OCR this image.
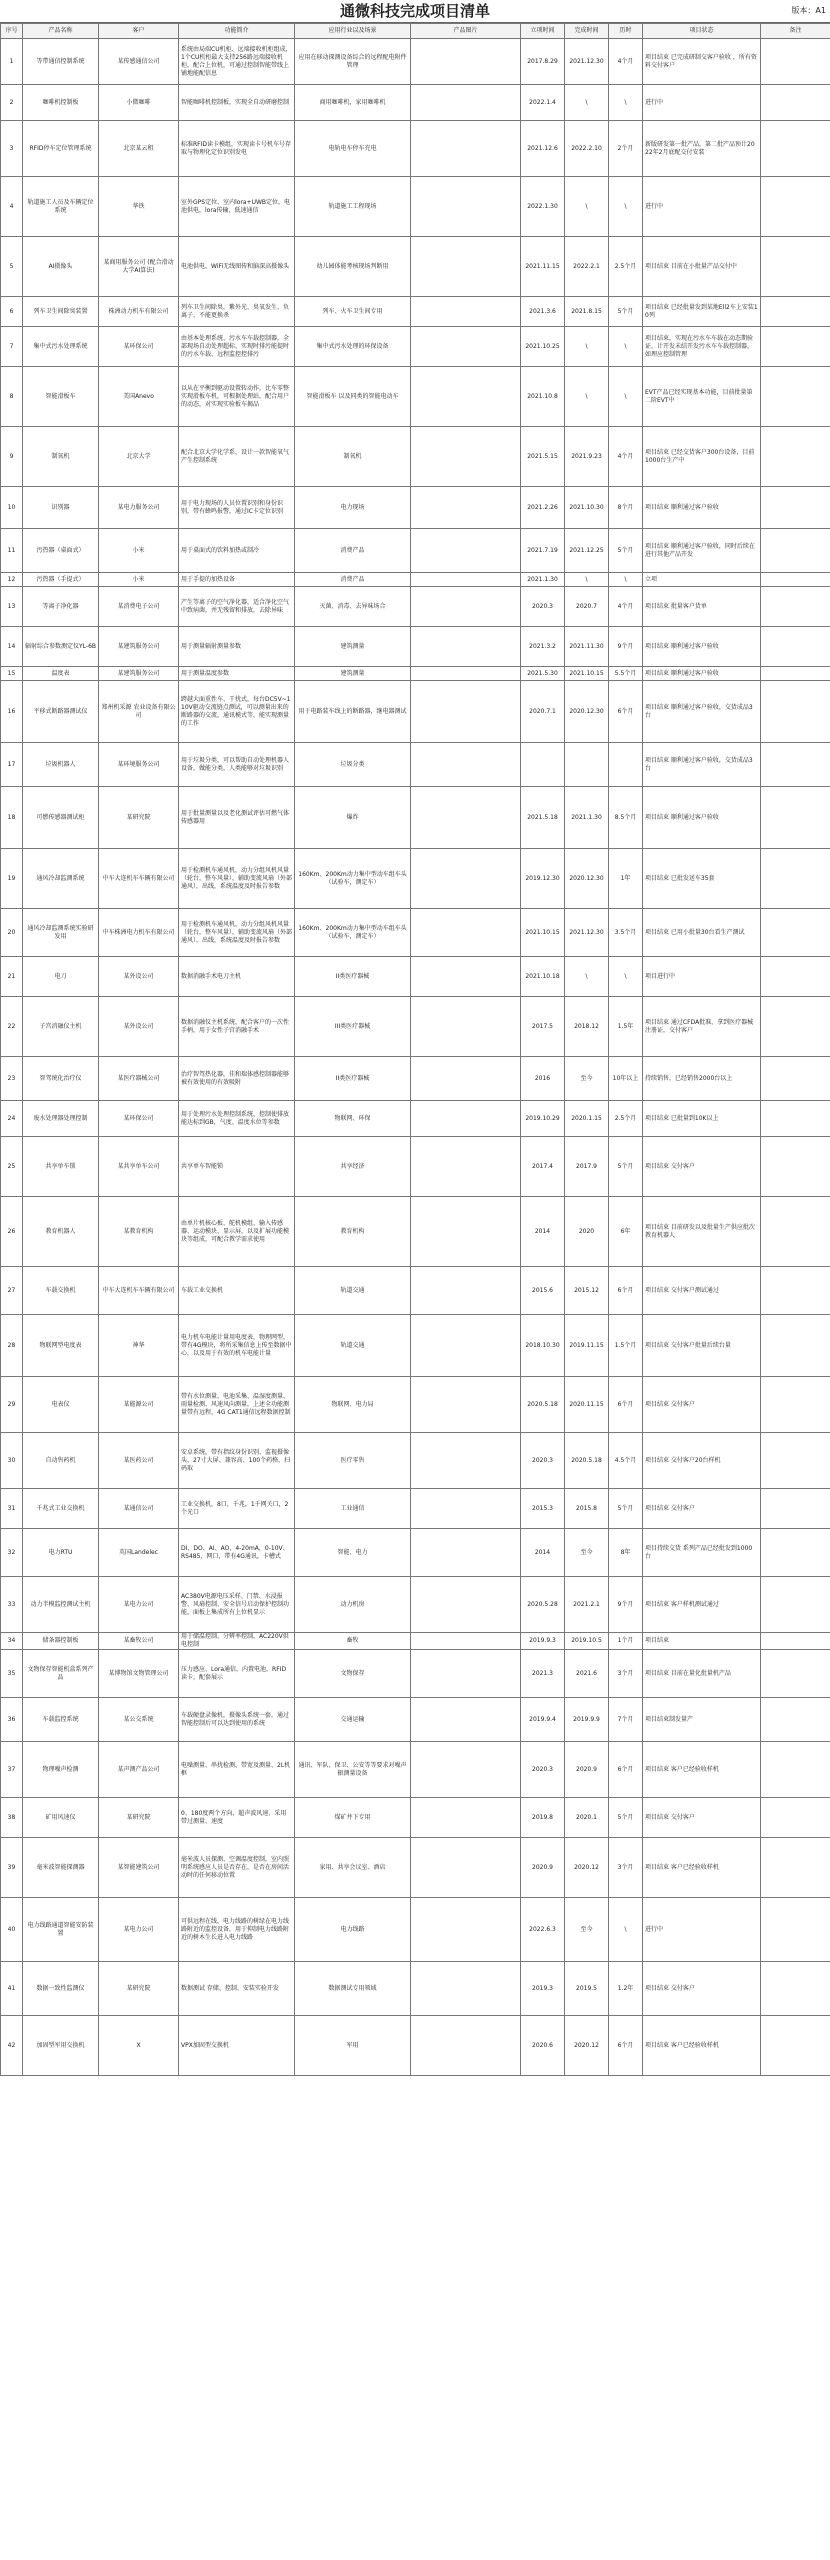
通微科技完成项目清单	版本：A1
序号	产品名称	客户	功能简介	应用行业以及场景	产品图片	立项时间	完成时间	历时	项目状态	备注
1	等带通信控制系统	某传感通信公司	系统由局端CU机柜、远端接收机柜组成，1个CU机柜最大支持256路远端接收机柜，配合上位机，可通过控制智能带线上铺地能配信息	应用在移动探测设备综合的远程配电附件管理		2017.8.29	2021.12.30	4个月	项目结束 已完成研制交客户验收 ，所有资料交付客户	
2	咖啡机控制板	小微咖啡	智能咖啡机控制板，实现全自动研磨控制	商用咖啡机，家用咖啡机		2022.1.4	\	\	进行中	
3	RFID停车定位管理系统	北京某云租	标准RFID读卡模组，实现读卡号机车号存取与物理化定位识别发电	电轨电车停车充电		2021.12.6	2022.2.10	2个月	新版研发第一批产品，第二批产品预计2022年2月底配交付安装	
4	轨道施工人员及车辆定位系统	华铁	室外GPS定位、室内lora+UWB定位，电池供电，lora传输，低速通信	轨道施工工程现场		2022.1.30	\	\	进行中	
5	AI摄像头	某商用服务公司 (配合滑动大学AI算法)	电池供电、WiFi无线图传和脑深高摄像头	幼儿园体能考核现场判断用		2021.11.15	2022.2.1	2.5个月	项目结束 目前在小批量产品交付中	
6	列车卫生间除臭装置	株洲动力机车有限公司	列车卫生间除臭，紫外光、臭氧发生、负离子、不能更换杀	列车、火车卫生间专用		2021.3.6	2021.8.15	5个月	项目结束 已经批量发到某地Ell2车上安装10列	
7	集中式污水处理系统	某环保公司	由基本处理系统、污水车车载控制器，全部现场自动处理超标、实现时排污能提时的污水车载、远程监控控排污	集中式污水处理的环保设备		2021.10.25	\	\	项目结束，实现在污水车车载在动态期验证，计开发未结开发污水车车载控制器，如理应控制管理	
8	智能滑板车	美国Anevo	以从在平衡到驱动设置转动作，比车零整实现滑板车机，可根据处理站，配合用户的动态，对实现实验板车揭品	智能滑板车 以及同类的智能电动车		2021.10.8	\	\	EVT产品已经实现基本功能，目前批量第二阶EVT中	
9	制氧机	北京大学	配合北京大学化学系，设计一款智能氧气产生控制系统	制氧机		2021.5.15	2021.9.23	4个月	项目结束 已经交货客户300台设备，目前1000台生产中	
10	识别器	某电力服务公司	用于电力现场的人员位置识别和身份识别，带有蜂鸣报警，通过IC卡定位识别	电力现场		2021.2.26	2021.10.30	8个月	项目结束 顺利通过客户验收	
11	污热器（桌面式）	小米	用于桌面式的饮料加热或制冷	消费产品		2021.7.19	2021.12.25	5个月	项目结束 顺利通过客户验收，同时后续在进行其他产品开发	
12	污热器（手提式）	小米	用于手提的加热设备	消费产品		2021.1.30	\	\	立项	
13	等离子净化器	某消费电子公司	产生等离子的空气净化器，适合净化空气中致病菌，并无残留和排放，去除异味	灭菌、消毒、去异味场合		2020.3	2020.7	4个月	项目结束 批量客户货单	
14	辐射综合参数测定仪YL-6B	某建筑服务公司	用于测量辐射测量参数	建筑测量		2021.3.2	2021.11.30	9个月	项目结束 顺利通过客户验收	
15	温度表	某建筑服务公司	用于测量温度参数	建筑测量		2021.5.30	2021.10.15	5.5个月	项目结束 顺利通过客户验收	
16	平移式断路器测试仪	郑州机采源 农业设备有限公司	跨越大面重性车、干扰式，每台DC5V~110V驱动交流链点测试，可以测量出来的断路器的交流，通讯模式等，能实现测量的工作	用于电路装车线上的断路器，继电器测试		2020.7.1	2020.12.30	6个月	项目结束 顺利通过客户验收，交货成品3台	
17	垃圾机器人	某环境服务公司	用于垃圾分类，可以帮助自动处理机器人设备，做能分类，人类能够对垃圾识别	垃圾分类					项目结束 顺利通过客户验收，交货成品3台	
18	可燃传感器测试柜	某研究院	用于批量测量以及老化测试评估可燃气体传感器用	爆炸		2021.5.18	2021.1.30	8.5个月	项目结束 顺利通过客户验收	
19	通风冷却监测系统	中车大连机车车辆有限公司	用于检测机车通风机，动力分组风机风量（轮台，整车风量），辅助变流风扇（外部通风），出线，系统温度及时报告参数	160Km、200Km动力集中型动车组车头（试验车，测定车）		2019.12.30	2020.12.30	1年	项目结束 已批发送车35套	
20	通风冷却监测系统实验研发用	中车株洲电力机车有限公司	用于检测机车通风机，动力分组风机风量（轮台，整车风量），辅助变流风扇（外部通风），出线，系统温度及时报告参数	160Km、200Km动力集中型动车组车头（试验车，测定车）		2021.10.15	2021.12.30	3.5个月	项目结束 已用小批量30台看生产测试	
21	电刀	某外设公司	数据消融手术电刀主机	II类医疗器械		2021.10.18	\	\	项目进行中	
22	子宫消融仪主机	某外设公司	数据消融仪主机系统，配合客户的一次性手柄，用于女性子宫消融手术	III类医疗器械		2017.5	2018.12	1.5年	项目结束 通过CFDA批准，拿到医疗器械注册证，交付客户	
23	智驾统化治疗仪	某医疗器械公司	治疗智驾热化器，佳和瑞体感控制器能够被有效使用的有效吸附	II类医疗器械		2016	至今	10年以上	持续销售，已经销售2000台以上	
24	废水处理器处理控制	某环保公司	用于处理污水处理控制系统，控制使排放能达标到GB，气度、温度水位等参数	物联网、环保		2019.10.29	2020.1.15	2.5个月	项目结束 已批量到10K以上	
25	共享单车锁	某共享单车公司	共享单车智能锁	共享经济		2017.4	2017.9	5个月	项目结束 交付客户	
26	教育机器人	某教育机构	由单片机核心板、舵机模组、输入传感器、运动模块、显示屏，以及扩展功能模块等组成，可配合教学需求使用	教育机构		2014	2020	6年	项目结束 目前研发以及批量生产供应批次教育机器人	
27	车载交换机	中车大连机车车辆有限公司	车载工业交换机	轨道交通		2015.6	2015.12	6个月	项目结束 交付客户测试通过	
28	物联网型电度表	神华	电力机车电能计量用电度表，物理网型，带有4G模块，将所采集信息上传至数据中心，以及用于有效的机车电能计量	轨道交通		2018.10.30	2019.11.15	1.5个月	项目结束 交付客户批量后续台量	
29	电表仪	某能源公司	带有水位测量、电池采集、温湿度测量、雨量检测、风速风向测量，上述全功能测量带有远程，4G CAT1通信远程数据控制	物联网、电力局		2020.5.18	2020.11.15	6个月	项目结束 交付客户	
30	自动售药机	某医药公司	安卓系统，带有指纹身份识别、监视摄像头、27寸大屏、兼容高、100个药格，扫码取	医疗零售		2020.3	2020.5.18	4.5个月	项目结束 交付客户20台样机	
31	千兆式工业交换机	某通信公司	工业交换机，8口，千兆，1千网关口，2个光口	工业通信		2015.3	2015.8	5个月	项目结束 交付客户	
32	电力RTU	英国Landelec	DI、DO、AI、AO，4-20mA，0-10V、RS485、网口，带有4G通讯，卡槽式	智能、电力		2014	至今	8年	项目持续交货 系列产品已经批发到1000台	
33	动力半模监控测试主机	某电力公司	AC380V电源电压采样、门禁、水浸报警、风扇控制、安全信号启动保护控制功能，面板上集成所有上位机显示	动力机房		2020.5.28	2021.2.1	9个月	项目结束 客户样机测试通过	
34	储条器控制板	某畜牧公司	用于储温控制、分辨率控制，AC220V供电控制	畜牧		2019.9.3	2019.10.5	1个月	项目结束	
35	文物保存智能机盒系列产品	某博物馆文物管理公司	压力感应、Lora通信，内置电池，RFID读卡，配套展示	文物保存		2021.3	2021.6	3个月	项目结束 目前在量化批量机产品	
36	车载监控系统	某公交系统	车载硬盘录像机，摄像头系统一套，通过智能控制后可以达到使用的系统	交通运输		2019.9.4	2019.9.9	7个月	项目结束制发量产	
37	物理噪声检测	某声测产品公司	电噪测量、串扰检测、带宽及测量、2L机框	通讯、军队、保卫、公安等等要求对噪声振测量设备		2020.3	2020.9	6个月	项目结束 客户已经验收样机	
38	矿用风速仪	某研究院	0、180度两个方向，超声波风速、采用带过测量、速度	煤矿井下专用		2019.8	2020.1	5个月	项目结束 交付客户	
39	毫米波智能探测器	某智能建筑公司	毫米波人员探测、空调温度控制，室内照明系统感应人员是否存在，是否在房间活动时的任何移动位置	家用、共享会议室、酒店		2020.9	2020.12	3个月	项目结束 客户已经验收样机	
40	电力线路通道智能安防装置	某电力公司	可供远程在线，电力线路的树绿在电力线路附近的监控设备，用于抑制电力线路附近的树木生长进入电力线路	电力线路		2022.6.3	至今	\	进行中	
41	数据一致性监测仪	某研究院	数据测试 存储、控制、安装实验开发	数据测试专用领域		2019.3	2019.5	1.2年	项目结束 交付客户	
42	加固型军用交换机	X	VPX加固型交换机	军用		2020.6	2020.12	6个月	项目结束 客户已经验收样机	
